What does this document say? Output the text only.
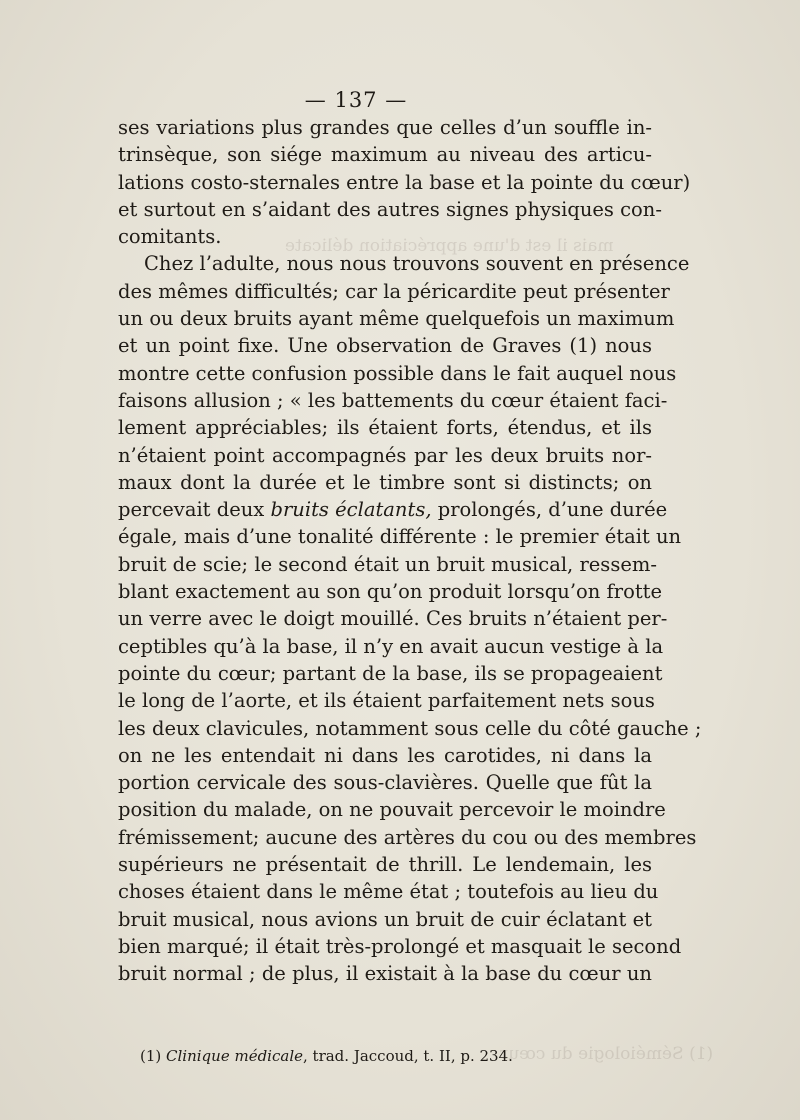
mais il est d'une appréciation délicate
(1) Séméiologie du cœur
— 137 —
ses variations plus grandes que celles d’un souffle in-
trinsèque, son siége maximum au niveau des articu-
lations costo-sternales entre la base et la pointe du cœur)
et surtout en s’aidant des autres signes physiques con-
comitants.
Chez l’adulte, nous nous trouvons souvent en présence
des mêmes difficultés; car la péricardite peut présenter
un ou deux bruits ayant même quelquefois un maximum
et un point fixe. Une observation de Graves (1) nous
montre cette confusion possible dans le fait auquel nous
faisons allusion ; « les battements du cœur étaient faci-
lement appréciables; ils étaient forts, étendus, et ils
n’étaient point accompagnés par les deux bruits nor-
maux dont la durée et le timbre sont si distincts; on
percevait deux bruits éclatants, prolongés, d’une durée
égale, mais d’une tonalité différente : le premier était un
bruit de scie; le second était un bruit musical, ressem-
blant exactement au son qu’on produit lorsqu’on frotte
un verre avec le doigt mouillé. Ces bruits n’étaient per-
ceptibles qu’à la base, il n’y en avait aucun vestige à la
pointe du cœur; partant de la base, ils se propageaient
le long de l’aorte, et ils étaient parfaitement nets sous
les deux clavicules, notamment sous celle du côté gauche ;
on ne les entendait ni dans les carotides, ni dans la
portion cervicale des sous-clavières. Quelle que fût la
position du malade, on ne pouvait percevoir le moindre
frémissement; aucune des artères du cou ou des membres
supérieurs ne présentait de thrill. Le lendemain, les
choses étaient dans le même état ; toutefois au lieu du
bruit musical, nous avions un bruit de cuir éclatant et
bien marqué; il était très-prolongé et masquait le second
bruit normal ; de plus, il existait à la base du cœur un
(1) Clinique médicale, trad. Jaccoud, t. II, p. 234.
